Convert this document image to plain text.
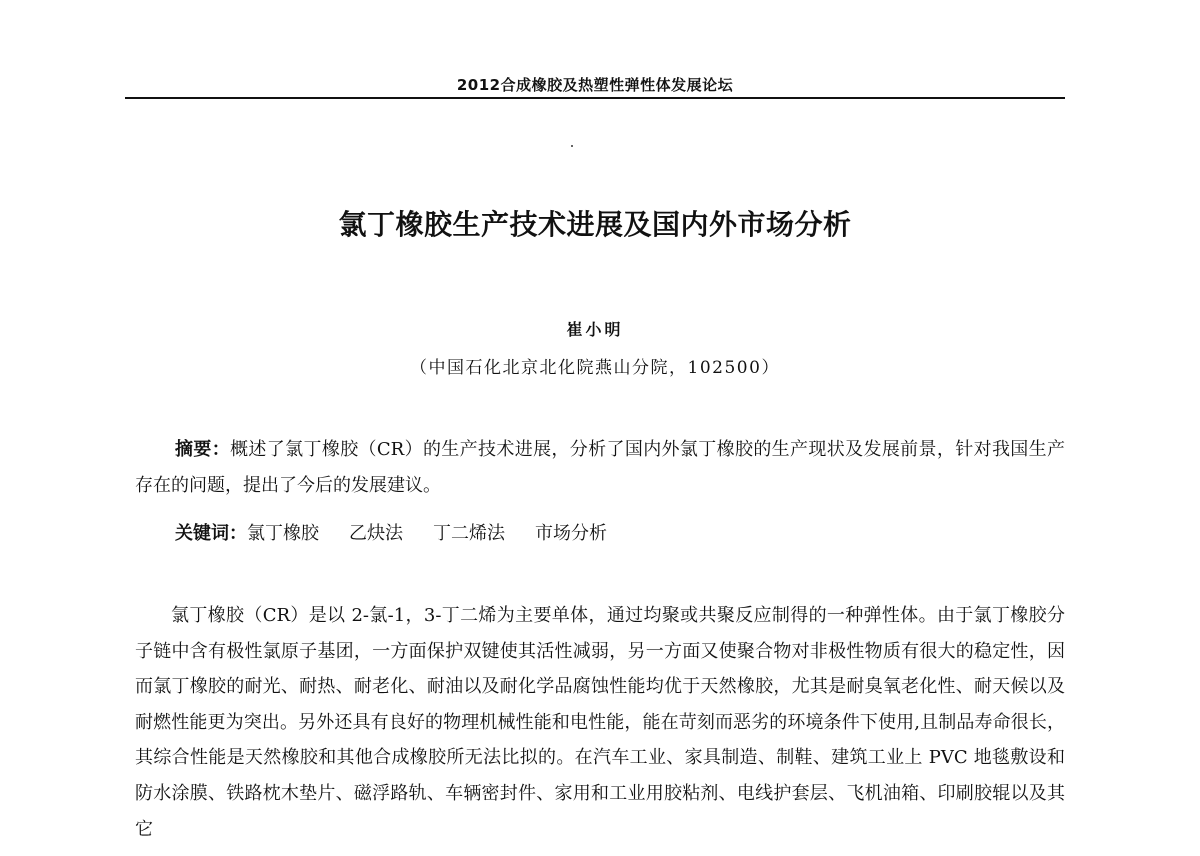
2012合成橡胶及热塑性弹性体发展论坛
氯丁橡胶生产技术进展及国内外市场分析
崔小明
（中国石化北京北化院燕山分院，102500）

摘要：概述了氯丁橡胶（CR）的生产技术进展，分析了国内外氯丁橡胶的生产现状及发展前景，针对我国生产存在的问题，提出了今后的发展建议。

关键词：氯丁橡胶 乙炔法 丁二烯法 市场分析

氯丁橡胶（CR）是以 2-氯-1，3-丁二烯为主要单体，通过均聚或共聚反应制得的一种弹性体。由于氯丁橡胶分子链中含有极性氯原子基团，一方面保护双键使其活性减弱，另一方面又使聚合物对非极性物质有很大的稳定性，因而氯丁橡胶的耐光、耐热、耐老化、耐油以及耐化学品腐蚀性能均优于天然橡胶，尤其是耐臭氧老化性、耐天候以及耐燃性能更为突出。另外还具有良好的物理机械性能和电性能，能在苛刻而恶劣的环境条件下使用,且制品寿命很长，其综合性能是天然橡胶和其他合成橡胶所无法比拟的。在汽车工业、家具制造、制鞋、建筑工业上 PVC 地毯敷设和防水涂膜、铁路枕木垫片、磁浮路轨、车辆密封件、家用和工业用胶粘剂、电线护套层、飞机油箱、印刷胶辊以及其它
